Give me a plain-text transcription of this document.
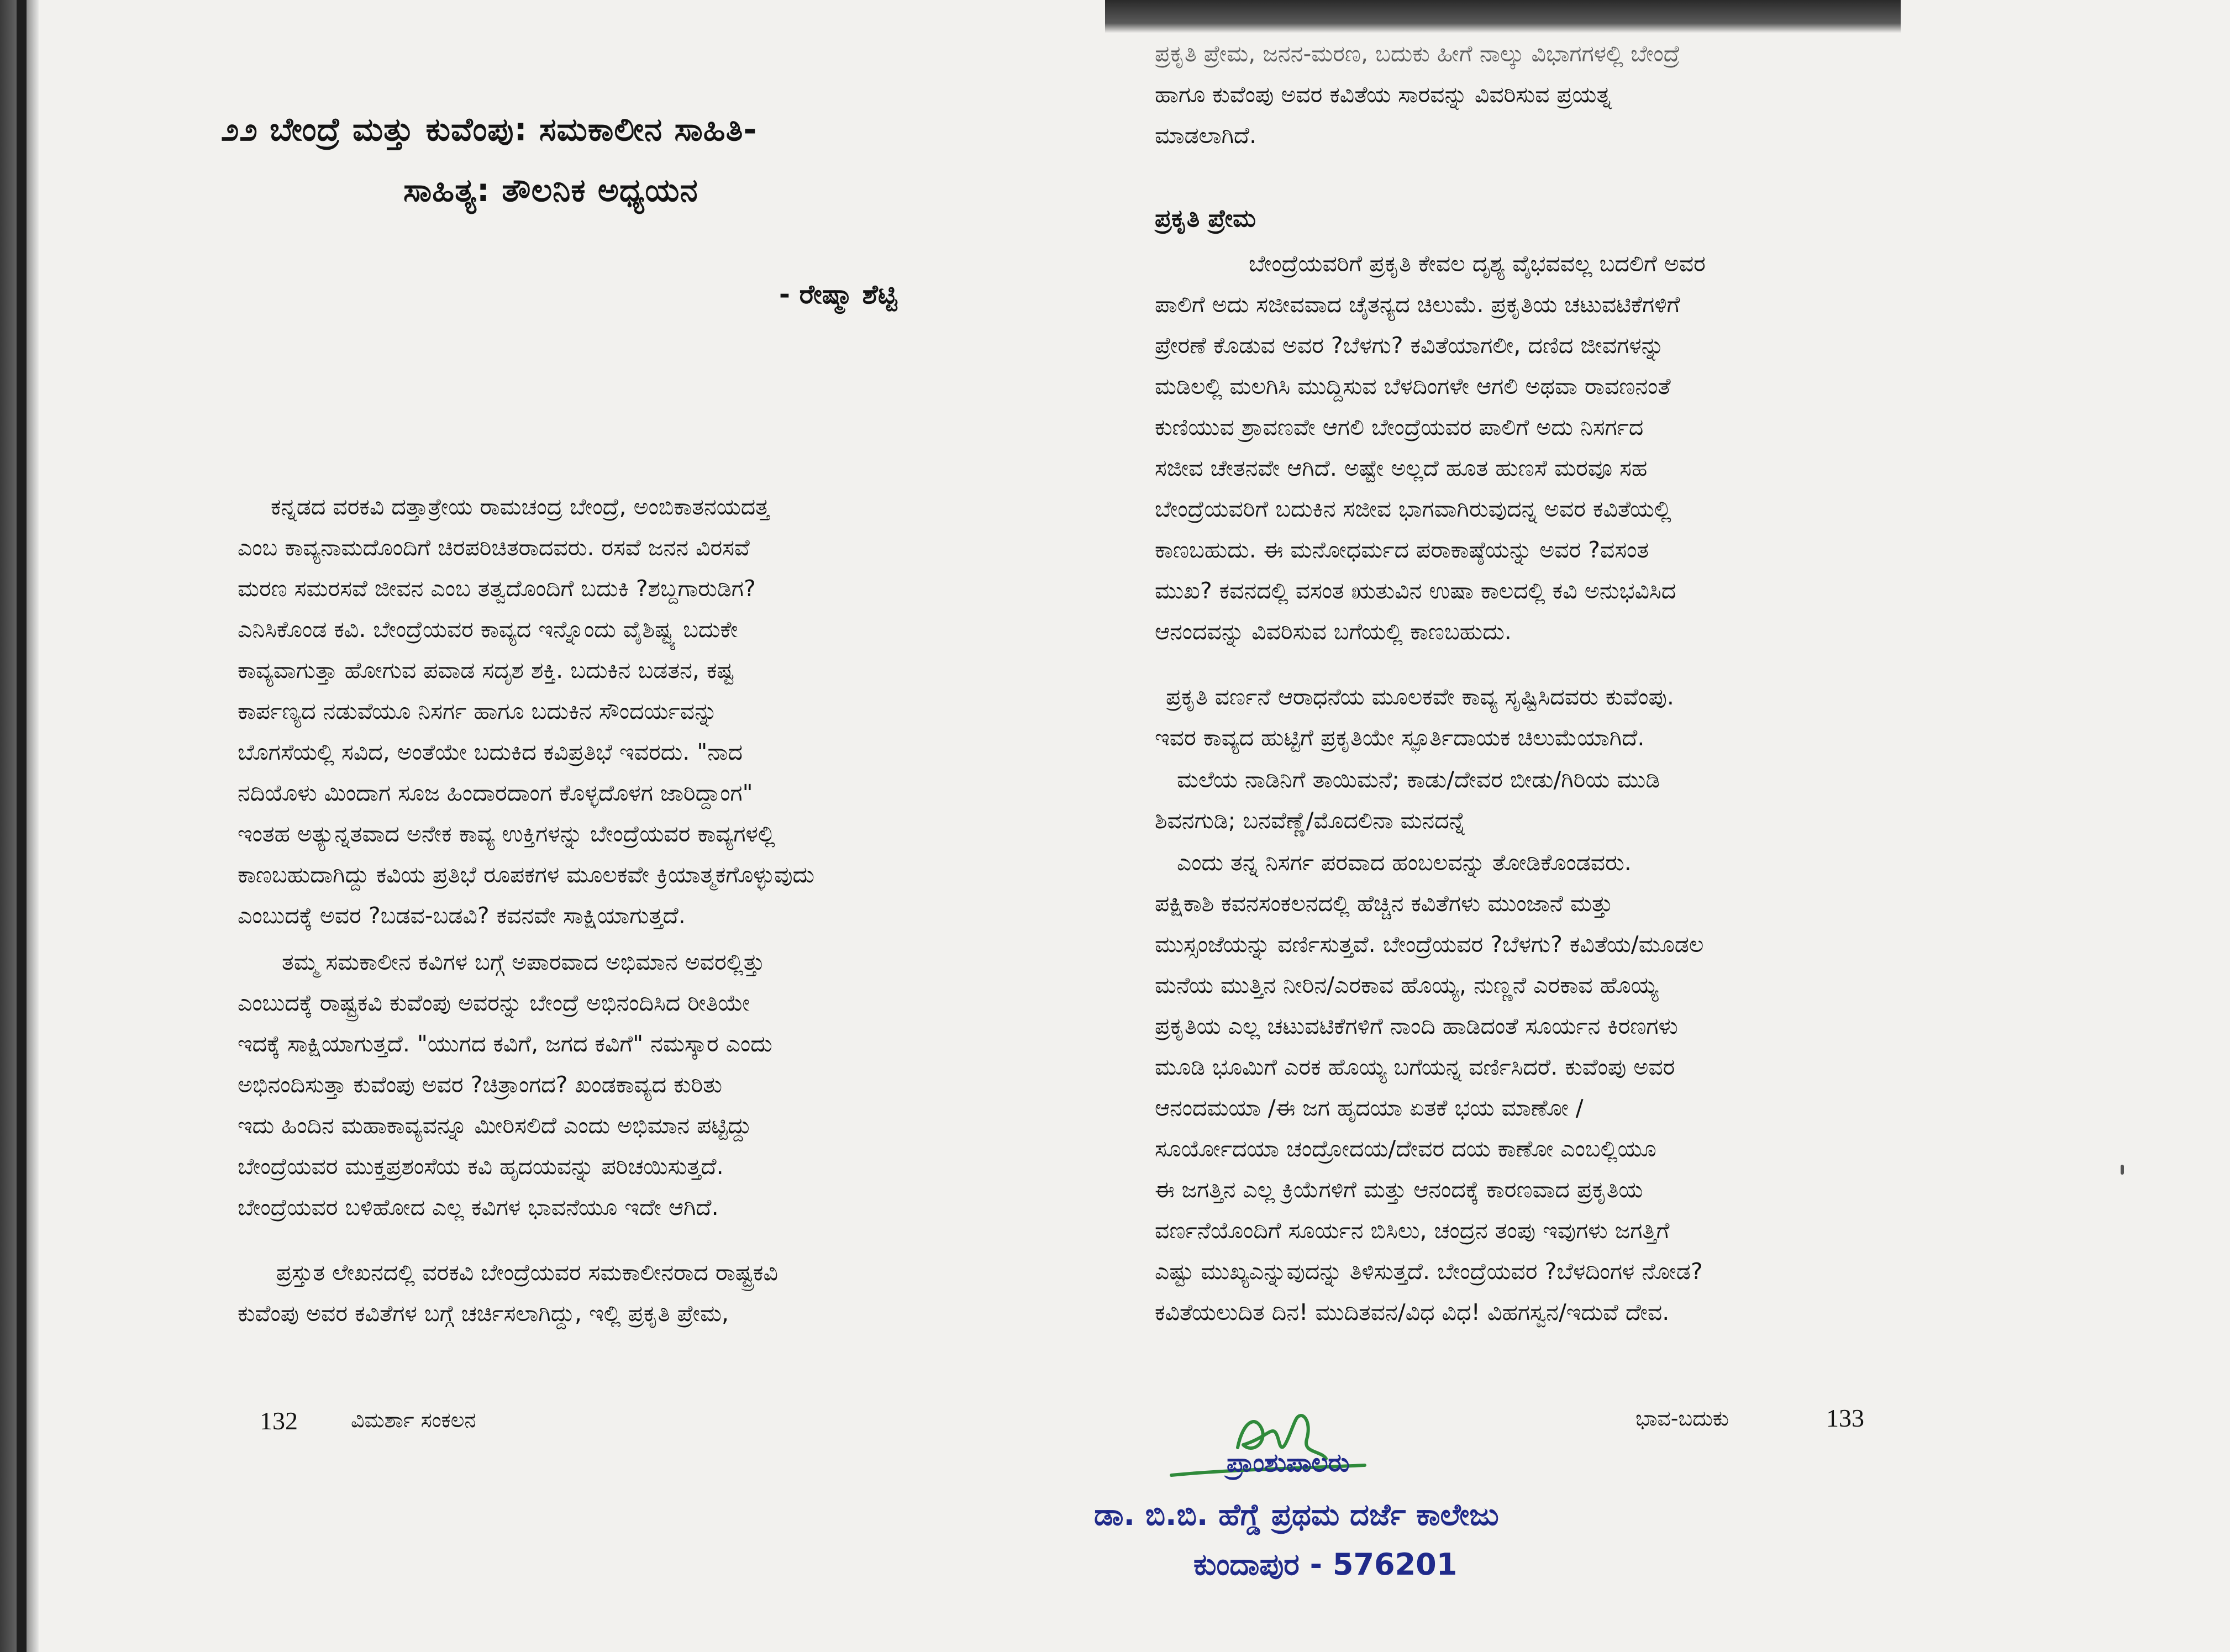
೨೨ ಬೇಂದ್ರೆ ಮತ್ತು ಕುವೆಂಪು: ಸಮಕಾಲೀನ ಸಾಹಿತಿ-
ಸಾಹಿತ್ಯ: ತೌಲನಿಕ ಅಧ್ಯಯನ
- ರೇಷ್ಮಾ ಶೆಟ್ಟಿ
ಕನ್ನಡದ ವರಕವಿ ದತ್ತಾತ್ರೇಯ ರಾಮಚಂದ್ರ ಬೇಂದ್ರೆ, ಅಂಬಿಕಾತನಯದತ್ತ
ಎಂಬ ಕಾವ್ಯನಾಮದೊಂದಿಗೆ ಚಿರಪರಿಚಿತರಾದವರು. ರಸವೆ ಜನನ ವಿರಸವೆ
ಮರಣ ಸಮರಸವೆ ಜೀವನ ಎಂಬ ತತ್ವದೊಂದಿಗೆ ಬದುಕಿ ?ಶಬ್ದಗಾರುಡಿಗ?
ಎನಿಸಿಕೊಂಡ ಕವಿ. ಬೇಂದ್ರೆಯವರ ಕಾವ್ಯದ ಇನ್ನೊಂದು ವೈಶಿಷ್ಟ್ಯ ಬದುಕೇ
ಕಾವ್ಯವಾಗುತ್ತಾ ಹೋಗುವ ಪವಾಡ ಸದೃಶ ಶಕ್ತಿ. ಬದುಕಿನ ಬಡತನ, ಕಷ್ಟ
ಕಾರ್ಪಣ್ಯದ ನಡುವೆಯೂ ನಿಸರ್ಗ ಹಾಗೂ ಬದುಕಿನ ಸೌಂದರ್ಯವನ್ನು
ಬೊಗಸೆಯಲ್ಲಿ ಸವಿದ, ಅಂತೆಯೇ ಬದುಕಿದ ಕವಿಪ್ರತಿಭೆ ಇವರದು. "ನಾದ
ನದಿಯೊಳು ಮಿಂದಾಗ ಸೂಜ ಹಿಂದಾರದಾಂಗ ಕೊಳ್ಳದೊಳಗ ಜಾರಿದ್ದಾಂಗ"
ಇಂತಹ ಅತ್ಯುನ್ನತವಾದ ಅನೇಕ ಕಾವ್ಯ ಉಕ್ತಿಗಳನ್ನು ಬೇಂದ್ರೆಯವರ ಕಾವ್ಯಗಳಲ್ಲಿ
ಕಾಣಬಹುದಾಗಿದ್ದು ಕವಿಯ ಪ್ರತಿಭೆ ರೂಪಕಗಳ ಮೂಲಕವೇ ಕ್ರಿಯಾತ್ಮಕಗೊಳ್ಳುವುದು
ಎಂಬುದಕ್ಕೆ ಅವರ ?ಬಡವ-ಬಡವಿ? ಕವನವೇ ಸಾಕ್ಷಿಯಾಗುತ್ತದೆ.
ತಮ್ಮ ಸಮಕಾಲೀನ ಕವಿಗಳ ಬಗ್ಗೆ ಅಪಾರವಾದ ಅಭಿಮಾನ ಅವರಲ್ಲಿತ್ತು
ಎಂಬುದಕ್ಕೆ ರಾಷ್ಟ್ರಕವಿ ಕುವೆಂಪು ಅವರನ್ನು ಬೇಂದ್ರೆ ಅಭಿನಂದಿಸಿದ ರೀತಿಯೇ
ಇದಕ್ಕೆ ಸಾಕ್ಷಿಯಾಗುತ್ತದೆ. "ಯುಗದ ಕವಿಗೆ, ಜಗದ ಕವಿಗೆ" ನಮಸ್ಕಾರ ಎಂದು
ಅಭಿನಂದಿಸುತ್ತಾ ಕುವೆಂಪು ಅವರ ?ಚಿತ್ರಾಂಗದ? ಖಂಡಕಾವ್ಯದ ಕುರಿತು
ಇದು ಹಿಂದಿನ ಮಹಾಕಾವ್ಯವನ್ನೂ ಮೀರಿಸಲಿದೆ ಎಂದು ಅಭಿಮಾನ ಪಟ್ಟಿದ್ದು
ಬೇಂದ್ರೆಯವರ ಮುಕ್ತಪ್ರಶಂಸೆಯ ಕವಿ ಹೃದಯವನ್ನು ಪರಿಚಯಿಸುತ್ತದೆ.
ಬೇಂದ್ರೆಯವರ ಬಳಿಹೋದ ಎಲ್ಲ ಕವಿಗಳ ಭಾವನೆಯೂ ಇದೇ ಆಗಿದೆ.
ಪ್ರಸ್ತುತ ಲೇಖನದಲ್ಲಿ ವರಕವಿ ಬೇಂದ್ರೆಯವರ ಸಮಕಾಲೀನರಾದ ರಾಷ್ಟ್ರಕವಿ
ಕುವೆಂಪು ಅವರ ಕವಿತೆಗಳ ಬಗ್ಗೆ ಚರ್ಚಿಸಲಾಗಿದ್ದು, ಇಲ್ಲಿ ಪ್ರಕೃತಿ ಪ್ರೇಮ,
132	ವಿಮರ್ಶಾ ಸಂಕಲನ
ಪ್ರಕೃತಿ ಪ್ರೇಮ, ಜನನ-ಮರಣ, ಬದುಕು ಹೀಗೆ ನಾಲ್ಕು ವಿಭಾಗಗಳಲ್ಲಿ ಬೇಂದ್ರೆ
ಹಾಗೂ ಕುವೆಂಪು ಅವರ ಕವಿತೆಯ ಸಾರವನ್ನು ವಿವರಿಸುವ ಪ್ರಯತ್ನ
ಮಾಡಲಾಗಿದೆ.
ಪ್ರಕೃತಿ ಪ್ರೇಮ
ಬೇಂದ್ರೆಯವರಿಗೆ ಪ್ರಕೃತಿ ಕೇವಲ ದೃಶ್ಯ ವೈಭವವಲ್ಲ ಬದಲಿಗೆ ಅವರ
ಪಾಲಿಗೆ ಅದು ಸಜೀವವಾದ ಚೈತನ್ಯದ ಚಿಲುಮೆ. ಪ್ರಕೃತಿಯ ಚಟುವಟಿಕೆಗಳಿಗೆ
ಪ್ರೇರಣೆ ಕೊಡುವ ಅವರ ?ಬೆಳಗು? ಕವಿತೆಯಾಗಲೀ, ದಣಿದ ಜೀವಗಳನ್ನು
ಮಡಿಲಲ್ಲಿ ಮಲಗಿಸಿ ಮುದ್ದಿಸುವ ಬೆಳದಿಂಗಳೇ ಆಗಲಿ ಅಥವಾ ರಾವಣನಂತೆ
ಕುಣಿಯುವ ಶ್ರಾವಣವೇ ಆಗಲಿ ಬೇಂದ್ರೆಯವರ ಪಾಲಿಗೆ ಅದು ನಿಸರ್ಗದ
ಸಜೀವ ಚೇತನವೇ ಆಗಿದೆ. ಅಷ್ಟೇ ಅಲ್ಲದೆ ಹೂತ ಹುಣಸೆ ಮರವೂ ಸಹ
ಬೇಂದ್ರೆಯವರಿಗೆ ಬದುಕಿನ ಸಜೀವ ಭಾಗವಾಗಿರುವುದನ್ನ ಅವರ ಕವಿತೆಯಲ್ಲಿ
ಕಾಣಬಹುದು. ಈ ಮನೋಧರ್ಮದ ಪರಾಕಾಷ್ಠೆಯನ್ನು ಅವರ ?ವಸಂತ
ಮುಖ? ಕವನದಲ್ಲಿ ವಸಂತ ಋತುವಿನ ಉಷಾ ಕಾಲದಲ್ಲಿ ಕವಿ ಅನುಭವಿಸಿದ
ಆನಂದವನ್ನು ವಿವರಿಸುವ ಬಗೆಯಲ್ಲಿ ಕಾಣಬಹುದು.
ಪ್ರಕೃತಿ ವರ್ಣನೆ ಆರಾಧನೆಯ ಮೂಲಕವೇ ಕಾವ್ಯ ಸೃಷ್ಟಿಸಿದವರು ಕುವೆಂಪು.
ಇವರ ಕಾವ್ಯದ ಹುಟ್ಟಿಗೆ ಪ್ರಕೃತಿಯೇ ಸ್ಫೂರ್ತಿದಾಯಕ ಚಿಲುಮೆಯಾಗಿದೆ.
ಮಲೆಯ ನಾಡಿನಿಗೆ ತಾಯಿಮನೆ; ಕಾಡು/ದೇವರ ಬೀಡು/ಗಿರಿಯ ಮುಡಿ
ಶಿವನಗುಡಿ; ಬನವೆಣ್ಣೆ/ಮೊದಲಿನಾ ಮನದನ್ನೆ
ಎಂದು ತನ್ನ ನಿಸರ್ಗ ಪರವಾದ ಹಂಬಲವನ್ನು ತೋಡಿಕೊಂಡವರು.
ಪಕ್ಷಿಕಾಶಿ ಕವನಸಂಕಲನದಲ್ಲಿ ಹೆಚ್ಚಿನ ಕವಿತೆಗಳು ಮುಂಜಾನೆ ಮತ್ತು
ಮುಸ್ಸಂಜೆಯನ್ನು ವರ್ಣಿಸುತ್ತವೆ. ಬೇಂದ್ರೆಯವರ ?ಬೆಳಗು? ಕವಿತೆಯ/ಮೂಡಲ
ಮನೆಯ ಮುತ್ತಿನ ನೀರಿನ/ಎರಕಾವ ಹೊಯ್ಯ, ನುಣ್ಣನೆ ಎರಕಾವ ಹೊಯ್ಯ
ಪ್ರಕೃತಿಯ ಎಲ್ಲ ಚಟುವಟಿಕೆಗಳಿಗೆ ನಾಂದಿ ಹಾಡಿದಂತೆ ಸೂರ್ಯನ ಕಿರಣಗಳು
ಮೂಡಿ ಭೂಮಿಗೆ ಎರಕ ಹೊಯ್ಯ ಬಗೆಯನ್ನ ವರ್ಣಿಸಿದರೆ. ಕುವೆಂಪು ಅವರ
ಆನಂದಮಯಾ /ಈ ಜಗ ಹೃದಯಾ ಏತಕೆ ಭಯ ಮಾಣೋ /
ಸೂರ್ಯೋದಯಾ ಚಂದ್ರೋದಯ/ದೇವರ ದಯ ಕಾಣೋ ಎಂಬಲ್ಲಿಯೂ
ಈ ಜಗತ್ತಿನ ಎಲ್ಲ ಕ್ರಿಯೆಗಳಿಗೆ ಮತ್ತು ಆನಂದಕ್ಕೆ ಕಾರಣವಾದ ಪ್ರಕೃತಿಯ
ವರ್ಣನೆಯೊಂದಿಗೆ ಸೂರ್ಯನ ಬಿಸಿಲು, ಚಂದ್ರನ ತಂಪು ಇವುಗಳು ಜಗತ್ತಿಗೆ
ಎಷ್ಟು ಮುಖ್ಯಎನ್ನುವುದನ್ನು ತಿಳಿಸುತ್ತದೆ. ಬೇಂದ್ರೆಯವರ ?ಬೆಳದಿಂಗಳ ನೋಡ?
ಕವಿತೆಯಲುದಿತ ದಿನ! ಮುದಿತವನ/ವಿಧ ವಿಧ! ವಿಹಗಸ್ವನ/ಇದುವೆ ದೇವ.
ಭಾವ-ಬದುಕು	133
ಪ್ರಾಂಶುಪಾಲರು
ಡಾ. ಬಿ.ಬಿ. ಹೆಗ್ಡೆ ಪ್ರಥಮ ದರ್ಜೆ ಕಾಲೇಜು
ಕುಂದಾಪುರ - 576201
